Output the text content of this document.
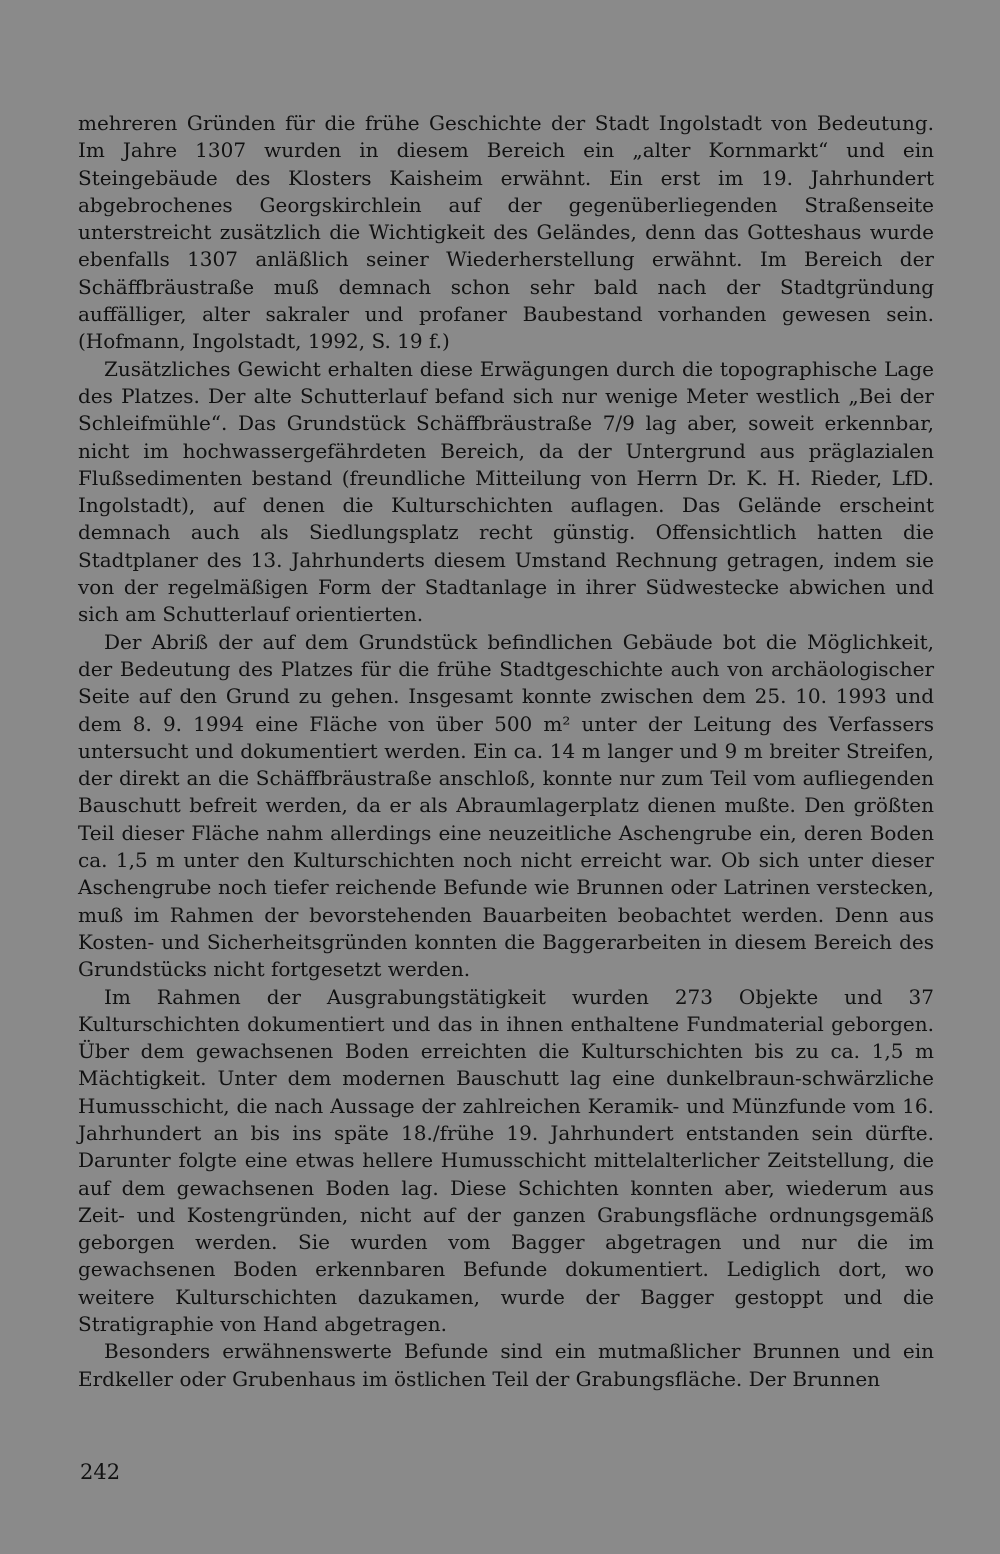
mehreren Gründen für die frühe Geschichte der Stadt Ingolstadt von Bedeutung. Im Jahre 1307 wurden in diesem Bereich ein „alter Kornmarkt“ und ein Steingebäude des Klosters Kaisheim erwähnt. Ein erst im 19. Jahrhundert abgebrochenes Georgskirchlein auf der gegenüberliegenden Straßenseite unterstreicht zusätzlich die Wichtigkeit des Geländes, denn das Gotteshaus wurde ebenfalls 1307 anläßlich seiner Wiederherstellung erwähnt. Im Bereich der Schäffbräustraße muß demnach schon sehr bald nach der Stadtgründung auffälliger, alter sakraler und profaner Baubestand vorhanden gewesen sein. (Hofmann, Ingolstadt, 1992, S. 19 f.)

Zusätzliches Gewicht erhalten diese Erwägungen durch die topographische Lage des Platzes. Der alte Schutterlauf befand sich nur wenige Meter westlich „Bei der Schleifmühle“. Das Grundstück Schäffbräustraße 7/9 lag aber, soweit erkennbar, nicht im hochwassergefährdeten Bereich, da der Untergrund aus präglazialen Flußsedimenten bestand (freundliche Mitteilung von Herrn Dr. K. H. Rieder, LfD. Ingolstadt), auf denen die Kulturschichten auflagen. Das Gelände erscheint demnach auch als Siedlungsplatz recht günstig. Offensichtlich hatten die Stadtplaner des 13. Jahrhunderts diesem Umstand Rechnung getragen, indem sie von der regelmäßigen Form der Stadtanlage in ihrer Südwestecke abwichen und sich am Schutterlauf orientierten.

Der Abriß der auf dem Grundstück befindlichen Gebäude bot die Möglichkeit, der Bedeutung des Platzes für die frühe Stadtgeschichte auch von archäologischer Seite auf den Grund zu gehen. Insgesamt konnte zwischen dem 25. 10. 1993 und dem 8. 9. 1994 eine Fläche von über 500 m² unter der Leitung des Verfassers untersucht und dokumentiert werden. Ein ca. 14 m langer und 9 m breiter Streifen, der direkt an die Schäffbräustraße anschloß, konnte nur zum Teil vom aufliegenden Bauschutt befreit werden, da er als Abraumlagerplatz dienen mußte. Den größten Teil dieser Fläche nahm allerdings eine neuzeitliche Aschengrube ein, deren Boden ca. 1,5 m unter den Kulturschichten noch nicht erreicht war. Ob sich unter dieser Aschengrube noch tiefer reichende Befunde wie Brunnen oder Latrinen verstecken, muß im Rahmen der bevorstehenden Bauarbeiten beobachtet werden. Denn aus Kosten- und Sicherheitsgründen konnten die Baggerarbeiten in diesem Bereich des Grundstücks nicht fortgesetzt werden.

Im Rahmen der Ausgrabungstätigkeit wurden 273 Objekte und 37 Kulturschichten dokumentiert und das in ihnen enthaltene Fundmaterial geborgen. Über dem gewachsenen Boden erreichten die Kulturschichten bis zu ca. 1,5 m Mächtigkeit. Unter dem modernen Bauschutt lag eine dunkelbraun-schwärzliche Humusschicht, die nach Aussage der zahlreichen Keramik- und Münzfunde vom 16. Jahrhundert an bis ins späte 18./frühe 19. Jahrhundert entstanden sein dürfte. Darunter folgte eine etwas hellere Humusschicht mittelalterlicher Zeitstellung, die auf dem gewachsenen Boden lag. Diese Schichten konnten aber, wiederum aus Zeit- und Kostengründen, nicht auf der ganzen Grabungsfläche ordnungsgemäß geborgen werden. Sie wurden vom Bagger abgetragen und nur die im gewachsenen Boden erkennbaren Befunde dokumentiert. Lediglich dort, wo weitere Kulturschichten dazukamen, wurde der Bagger gestoppt und die Stratigraphie von Hand abgetragen.

Besonders erwähnenswerte Befunde sind ein mutmaßlicher Brunnen und ein Erdkeller oder Grubenhaus im östlichen Teil der Grabungsfläche. Der Brunnen

242
